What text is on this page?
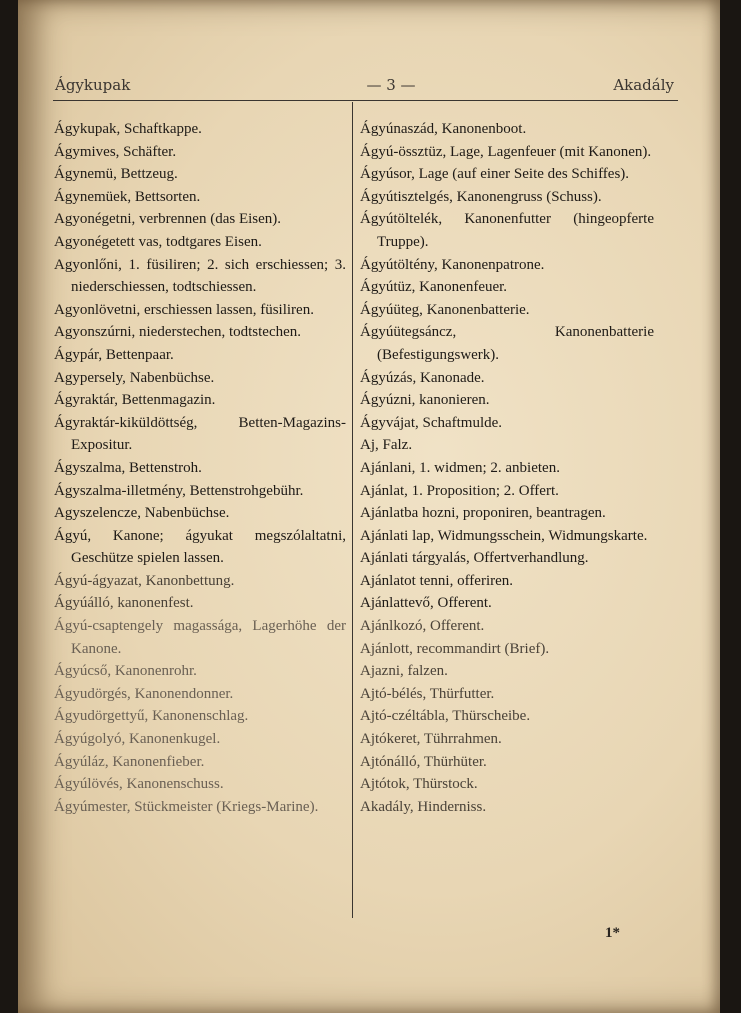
Ágykupak	— 3 —	Akadály

Ágykupak, Schaftkappe.

Ágymives, Schäfter.

Ágynemü, Bettzeug.

Ágynemüek, Bettsorten.

Agyonégetni, verbrennen (das Eisen).

Agyonégetett vas, todtgares Eisen.

Agyonlőni, 1. füsiliren; 2. sich erschiessen; 3. niederschiessen, todtschiessen.

Agyonlövetni, erschiessen lassen, füsiliren.

Agyonszúrni, niederstechen, todtstechen.

Ágypár, Bettenpaar.

Agypersely, Nabenbüchse.

Ágyraktár, Bettenmagazin.

Ágyraktár-kiküldöttség, Betten-Magazins-Expositur.

Ágyszalma, Bettenstroh.

Ágyszalma-illetmény, Bettenstrohgebühr.

Agyszelencze, Nabenbüchse.

Ágyú, Kanone; ágyukat megszólaltatni, Geschütze spielen lassen.

Ágyú-ágyazat, Kanonbettung.

Ágyúálló, kanonenfest.

Ágyú-csaptengely magassága, Lagerhöhe der Kanone.

Ágyúcső, Kanonenrohr.

Ágyudörgés, Kanonendonner.

Ágyudörgettyű, Kanonenschlag.

Ágyúgolyó, Kanonenkugel.

Ágyúláz, Kanonenfieber.

Ágyúlövés, Kanonenschuss.

Ágyúmester, Stückmeister (Kriegs-Marine).

Ágyúnaszád, Kanonenboot.

Ágyú-össztüz, Lage, Lagenfeuer (mit Kanonen).

Ágyúsor, Lage (auf einer Seite des Schiffes).

Ágyútisztelgés, Kanonengruss (Schuss).

Ágyútöltelék, Kanonenfutter (hingeopferte Truppe).

Ágyútöltény, Kanonenpatrone.

Ágyútüz, Kanonenfeuer.

Ágyúüteg, Kanonenbatterie.

Ágyúütegsáncz, Kanonenbatterie (Befestigungswerk).

Ágyúzás, Kanonade.

Ágyúzni, kanonieren.

Ágyvájat, Schaftmulde.

Aj, Falz.

Ajánlani, 1. widmen; 2. anbieten.

Ajánlat, 1. Proposition; 2. Offert.

Ajánlatba hozni, proponiren, beantragen.

Ajánlati lap, Widmungsschein, Widmungskarte.

Ajánlati tárgyalás, Offertverhandlung.

Ajánlatot tenni, offeriren.

Ajánlattevő, Offerent.

Ajánlkozó, Offerent.

Ajánlott, recommandirt (Brief).

Ajazni, falzen.

Ajtó-bélés, Thürfutter.

Ajtó-czéltábla, Thürscheibe.

Ajtókeret, Tührrahmen.

Ajtónálló, Thürhüter.

Ajtótok, Thürstock.

Akadály, Hinderniss.

1*
